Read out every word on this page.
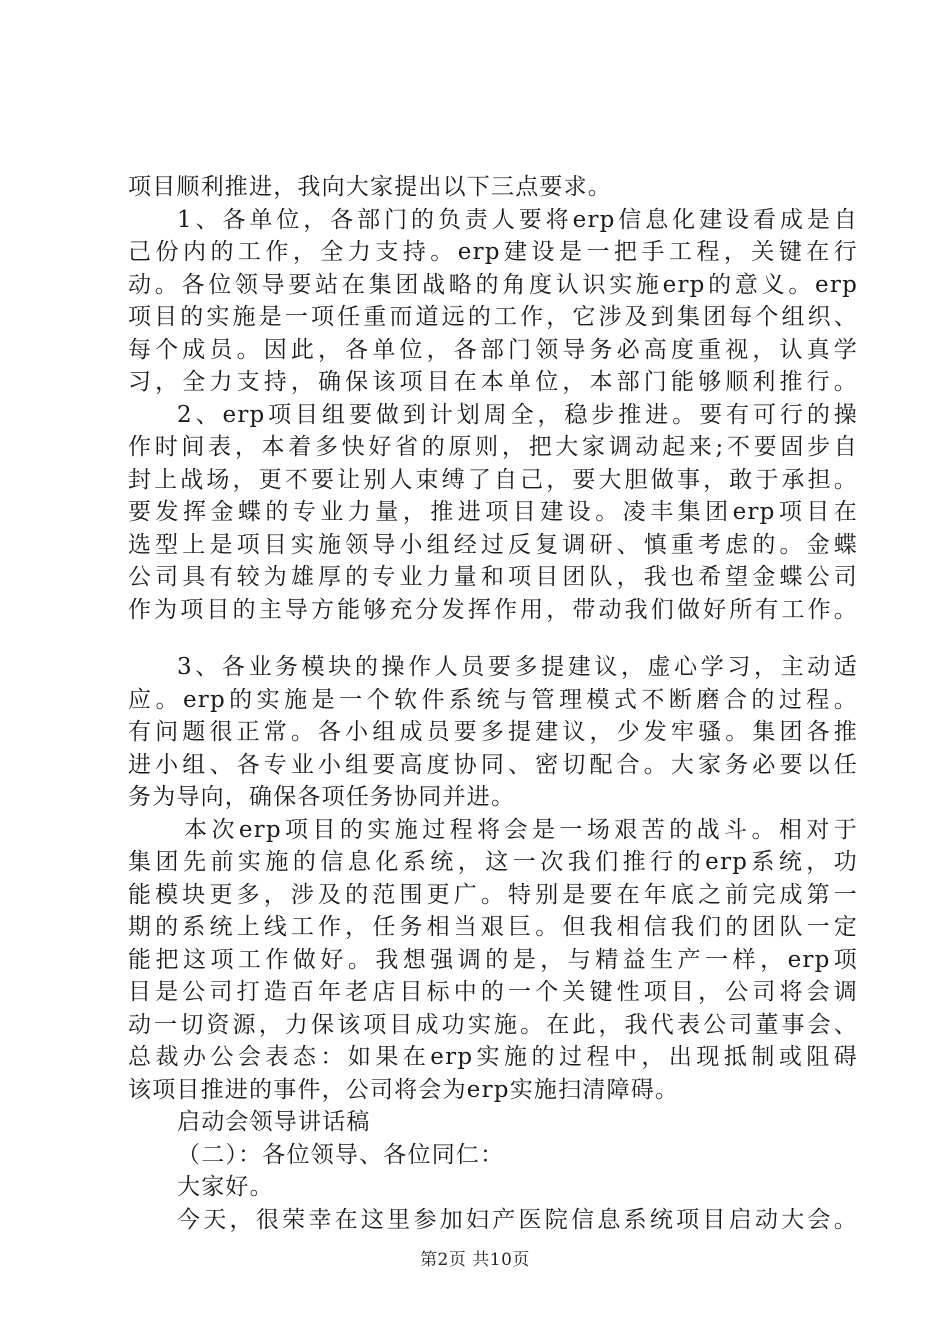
项目顺利推进，我向大家提出以下三点要求。
1、各单位，各部门的负责人要将erp信息化建设看成是自
己份内的工作，全力支持。erp建设是一把手工程，关键在行
动。各位领导要站在集团战略的角度认识实施erp的意义。erp
项目的实施是一项任重而道远的工作，它涉及到集团每个组织、
每个成员。因此，各单位，各部门领导务必高度重视，认真学
习，全力支持，确保该项目在本单位，本部门能够顺利推行。
2、erp项目组要做到计划周全，稳步推进。要有可行的操
作时间表，本着多快好省的原则，把大家调动起来;不要固步自
封上战场，更不要让别人束缚了自己，要大胆做事，敢于承担。
要发挥金蝶的专业力量，推进项目建设。凌丰集团erp项目在
选型上是项目实施领导小组经过反复调研、慎重考虑的。金蝶
公司具有较为雄厚的专业力量和项目团队，我也希望金蝶公司
作为项目的主导方能够充分发挥作用，带动我们做好所有工作。
3、各业务模块的操作人员要多提建议，虚心学习，主动适
应。erp的实施是一个软件系统与管理模式不断磨合的过程。
有问题很正常。各小组成员要多提建议，少发牢骚。集团各推
进小组、各专业小组要高度协同、密切配合。大家务必要以任
务为导向，确保各项任务协同并进。
本次erp项目的实施过程将会是一场艰苦的战斗。相对于
集团先前实施的信息化系统，这一次我们推行的erp系统，功
能模块更多，涉及的范围更广。特别是要在年底之前完成第一
期的系统上线工作，任务相当艰巨。但我相信我们的团队一定
能把这项工作做好。我想强调的是，与精益生产一样，erp项
目是公司打造百年老店目标中的一个关键性项目，公司将会调
动一切资源，力保该项目成功实施。在此，我代表公司董事会、
总裁办公会表态：如果在erp实施的过程中，出现抵制或阻碍
该项目推进的事件，公司将会为erp实施扫清障碍。
启动会领导讲话稿
（二）：各位领导、各位同仁：
大家好。
今天，很荣幸在这里参加妇产医院信息系统项目启动大会。
第2页 共10页
